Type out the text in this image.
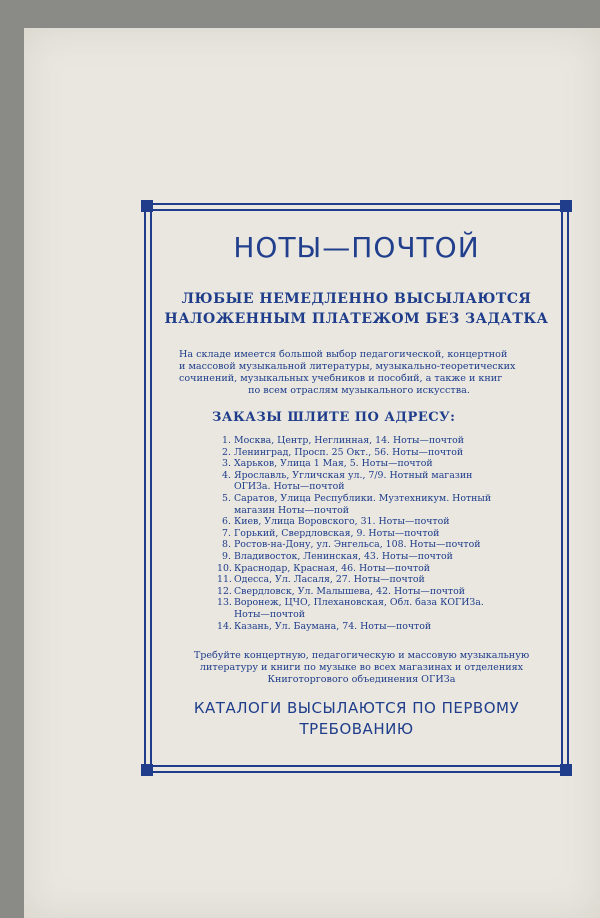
НОТЫ—ПОЧТОЙ
ЛЮБЫЕ НЕМЕДЛЕННО ВЫСЫЛАЮТСЯ
НАЛОЖЕННЫМ ПЛАТЕЖОМ БЕЗ ЗАДАТКА
На складе имеется большой выбор педагогической, концертной
и массовой музыкальной литературы, музыкально-теоретических
сочинений, музыкальных учебников и пособий, а также и книг
по всем отраслям музыкального искусства.
ЗАКАЗЫ ШЛИТЕ ПО АДРЕСУ:
1. Москва, Центр, Неглинная, 14. Ноты—почтой
2. Ленинград, Просп. 25 Окт., 56. Ноты—почтой
3. Харьков, Улица 1 Мая, 5. Ноты—почтой
4. Ярославль, Угличская ул., 7/9. Нотный магазин ОГИЗа. Ноты—почтой
5. Саратов, Улица Республики. Музтехникум. Нотный магазин Ноты—почтой
6. Киев, Улица Воровского, 31. Ноты—почтой
7. Горький, Свердловская, 9. Ноты—почтой
8. Ростов-на-Дону, ул. Энгельса, 108. Ноты—почтой
9. Владивосток, Ленинская, 43. Ноты—почтой
10. Краснодар, Красная, 46. Ноты—почтой
11. Одесса, Ул. Ласаля, 27. Ноты—почтой
12. Свердловск, Ул. Малышева, 42. Ноты—почтой
13. Воронеж, ЦЧО, Плехановская, Обл. база КОГИЗа. Ноты—почтой
14. Казань, Ул. Баумана, 74. Ноты—почтой
Требуйте концертную, педагогическую и массовую музыкальную
литературу и книги по музыке во всех магазинах и отделениях
Книготоргового объединения ОГИЗа
КАТАЛОГИ ВЫСЫЛАЮТСЯ ПО ПЕРВОМУ
ТРЕБОВАНИЮ
